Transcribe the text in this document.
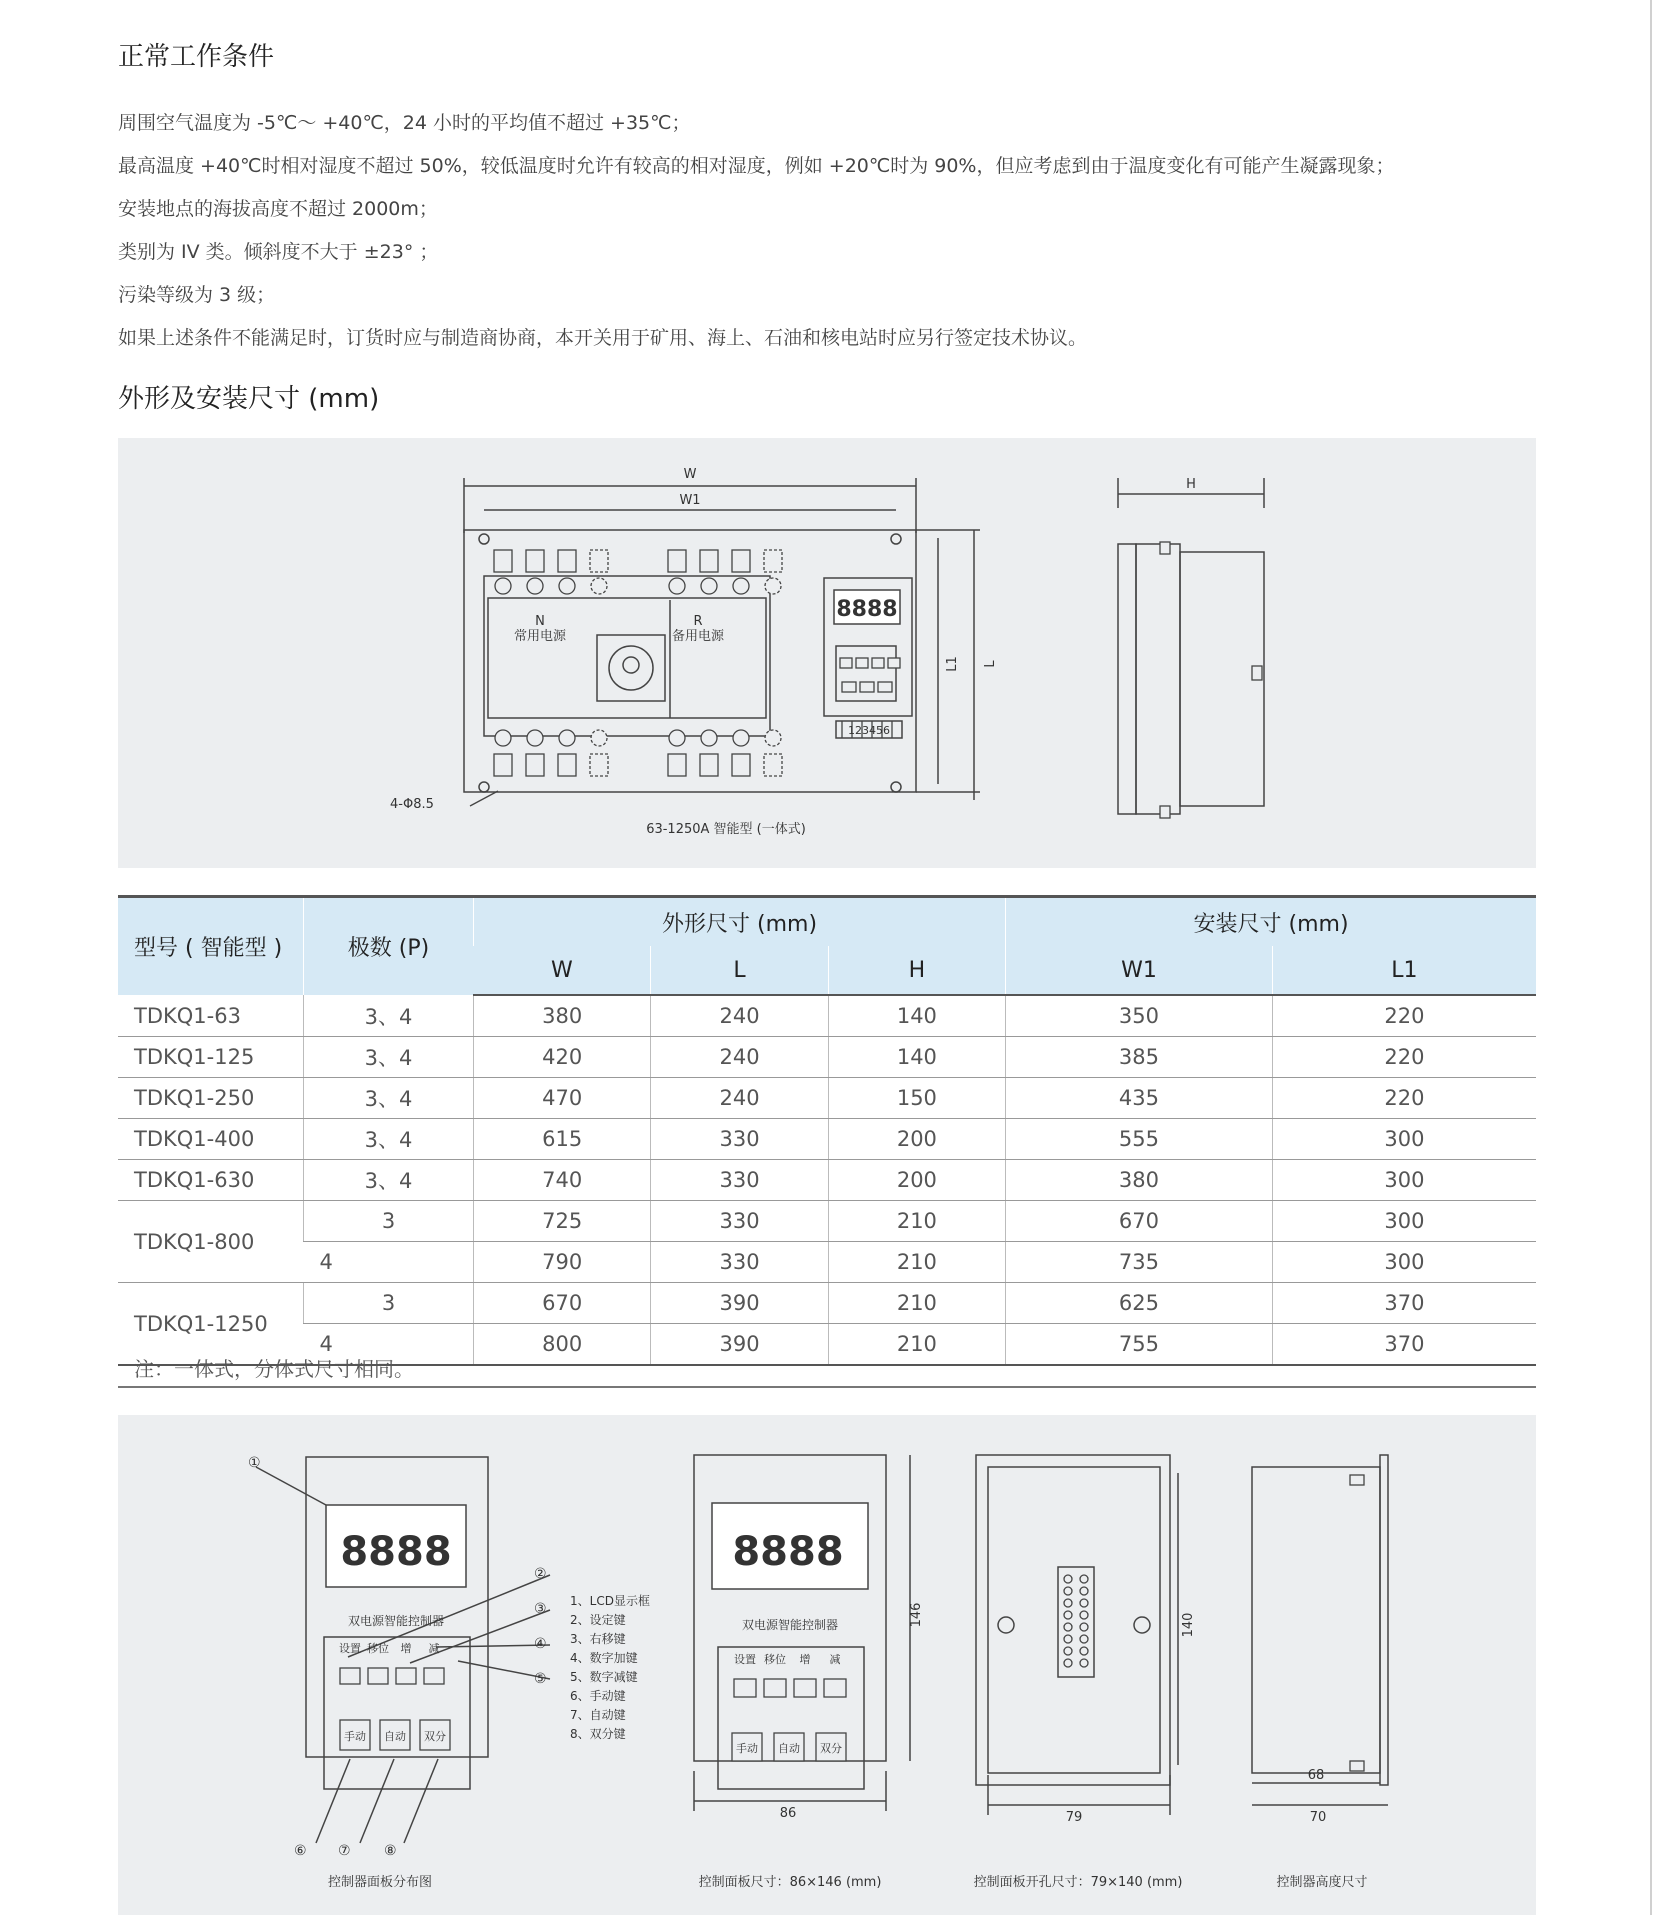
正常工作条件
周围空气温度为 -5℃～ +40℃，24 小时的平均值不超过 +35℃；
最高温度 +40℃时相对湿度不超过 50%，较低温度时允许有较高的相对湿度，例如 +20℃时为 90%，但应考虑到由于温度变化有可能产生凝露现象；
安装地点的海拔高度不超过 2000m；
类别为 IV 类。倾斜度不大于 ±23° ；
污染等级为 3 级；
如果上述条件不能满足时，订货时应与制造商协商，本开关用于矿用、海上、石油和核电站时应另行签定技术协议。
外形及安装尺寸 (mm)
W
W1
H
L1 L
N
常用电源
R
备用电源
8888
123456
4-Φ8.5
63-1250A 智能型 (一体式)
型号 ( 智能型 )	极数 (P)	外形尺寸 (mm)			安装尺寸 (mm)	
		W	L	H	W1	L1
TDKQ1-63	3、4	380	240	140	350	220
TDKQ1-125	3、4	420	240	140	385	220
TDKQ1-250	3、4	470	240	150	435	220
TDKQ1-400	3、4	615	330	200	555	300
TDKQ1-630	3、4	740	330	200	380	300
TDKQ1-800	3	725	330	210	670	300
	4	790	330	210	735	300
TDKQ1-1250	3	670	390	210	625	370
	4	800	390	210	755	370
注：一体式，分体式尺寸相同。
8888	8888
双电源智能控制器	双电源智能控制器
设置 移位 增 减
设置 移位 增 减
手动 自动 双分
手动 自动 双分
①
②
③
④
⑤
⑥ ⑦ ⑧
1、LCD显示框
2、设定键
3、右移键
4、数字加键
5、数字减键
6、手动键
7、自动键
8、双分键
146
86
140
79
68
70
控制器面板分布图	控制面板尺寸：86×146 (mm)	控制面板开孔尺寸：79×140 (mm)	控制器高度尺寸
